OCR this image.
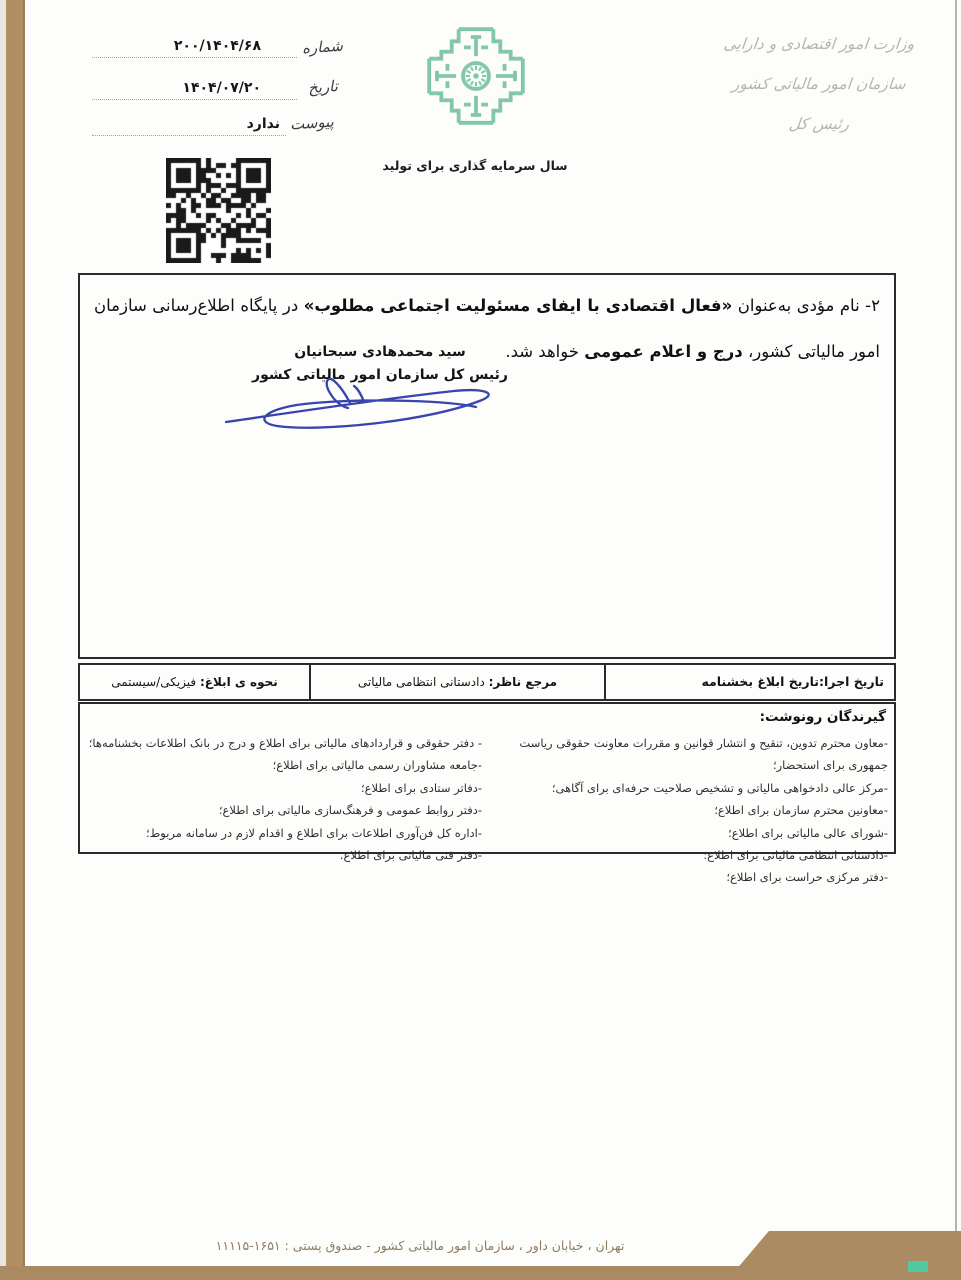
وزارت امور اقتصادی و دارایی
سازمان امور مالیاتی کشور
رئیس کل
سال سرمایه گذاری برای تولید
شماره
۲۰۰/۱۴۰۴/۶۸
تاریخ
۱۴۰۴/۰۷/۲۰
پیوست
ندارد
۲- نام مؤدی به‌عنوان «فعال اقتصادی با ایفای مسئولیت اجتماعی مطلوب» در پایگاه اطلاع‌رسانی سازمان امور مالیاتی کشور، درج و اعلام عمومی خواهد شد.
سید محمدهادی سبحانیان
رئیس کل سازمان امور مالیاتی کشور
تاریخ اجرا:تاریخ ابلاغ بخشنامه
مرجع ناظر: دادستانی انتظامی مالیاتی
نحوه ی ابلاغ: فیزیکی/سیستمی
گیرندگان رونوشت:
-معاون محترم تدوین، تنقیح و انتشار قوانین و مقررات معاونت حقوقی ریاست جمهوری برای استحضار؛
-مرکز عالی دادخواهی مالیاتی و تشخیص صلاحیت حرفه‌ای برای آگاهی؛
-معاونین محترم سازمان برای اطلاع؛
-شورای عالی مالیاتی برای اطلاع؛
-دادستانی انتظامی مالیاتی برای اطلاع؛
-دفتر مرکزی حراست برای اطلاع؛
- دفتر حقوقی و قراردادهای مالیاتی برای اطلاع و درج در بانک اطلاعات بخشنامه‌ها؛
-جامعه مشاوران رسمی مالیاتی برای اطلاع؛
-دفاتر ستادی برای اطلاع؛
-دفتر روابط عمومی و فرهنگ‌سازی مالیاتی برای اطلاع؛
-اداره کل فن‌آوری اطلاعات برای اطلاع و اقدام لازم در سامانه مربوط؛
-دفتر فنی مالیاتی برای اطلاع.
تهران ، خیابان داور ، سازمان امور مالیاتی کشور - صندوق پستی : ۱۶۵۱-۱۱۱۱۵
